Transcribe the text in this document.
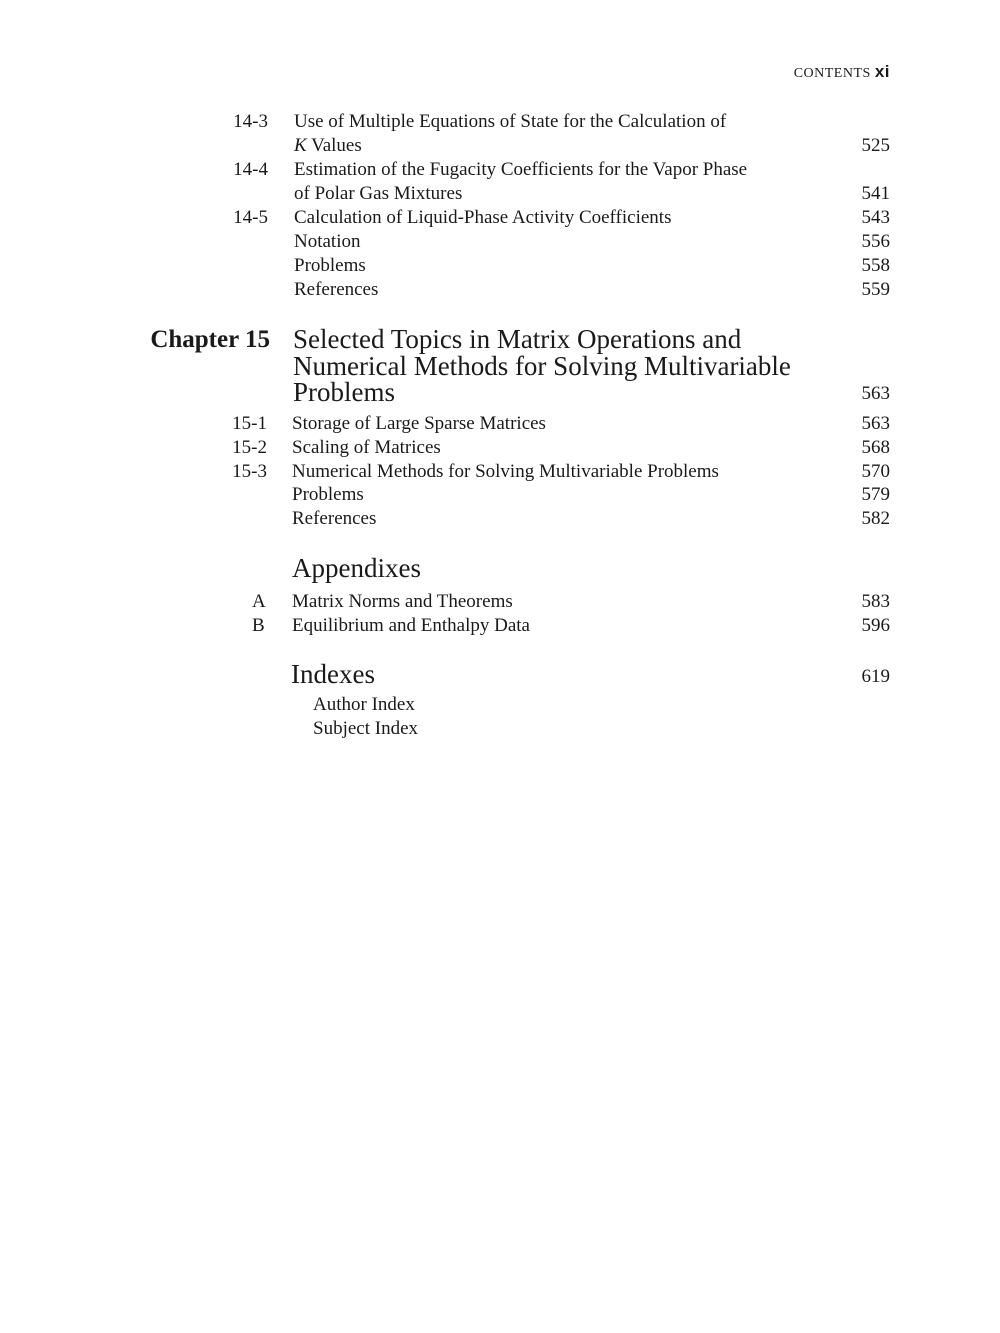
CONTENTS xi
14-3 Use of Multiple Equations of State for the Calculation of
K Values	525
14-4 Estimation of the Fugacity Coefficients for the Vapor Phase
of Polar Gas Mixtures	541
14-5 Calculation of Liquid-Phase Activity Coefficients	543
Notation	556
Problems	558
References	559
Chapter 15 Selected Topics in Matrix Operations and
Numerical Methods for Solving Multivariable
Problems	563
15-1 Storage of Large Sparse Matrices	563
15-2 Scaling of Matrices	568
15-3 Numerical Methods for Solving Multivariable Problems	570
Problems	579
References	582
Appendixes
A Matrix Norms and Theorems	583
B Equilibrium and Enthalpy Data	596
Indexes	619
Author Index
Subject Index
